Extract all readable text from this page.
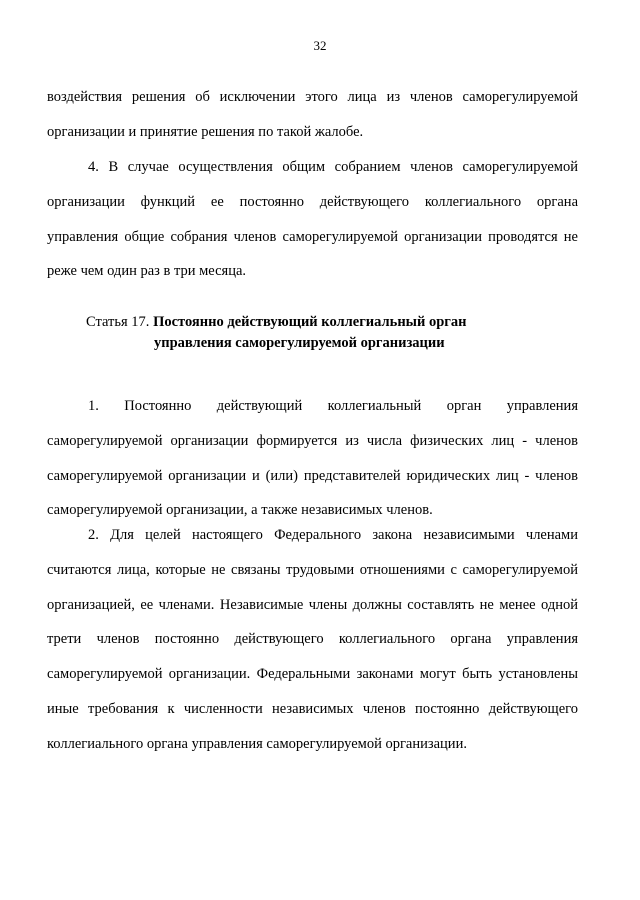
32

воздействия решения об исключении этого лица из членов саморегулируемой организации и принятие решения по такой жалобе.

4. В случае осуществления общим собранием членов саморегулируемой организации функций ее постоянно действующего коллегиального органа управления общие собрания членов саморегулируемой организации проводятся не реже чем один раз в три месяца.

Статья 17. Постоянно действующий коллегиальный орган
управления саморегулируемой организации

1. Постоянно действующий коллегиальный орган управления саморегулируемой организации формируется из числа физических лиц - членов саморегулируемой организации и (или) представителей юридических лиц - членов саморегулируемой организации, а также независимых членов.

2. Для целей настоящего Федерального закона независимыми членами считаются лица, которые не связаны трудовыми отношениями с саморегулируемой организацией, ее членами. Независимые члены должны составлять не менее одной трети членов постоянно действующего коллегиального органа управления саморегулируемой организации. Федеральными законами могут быть установлены иные требования к численности независимых членов постоянно действующего коллегиального органа управления саморегулируемой организации.
